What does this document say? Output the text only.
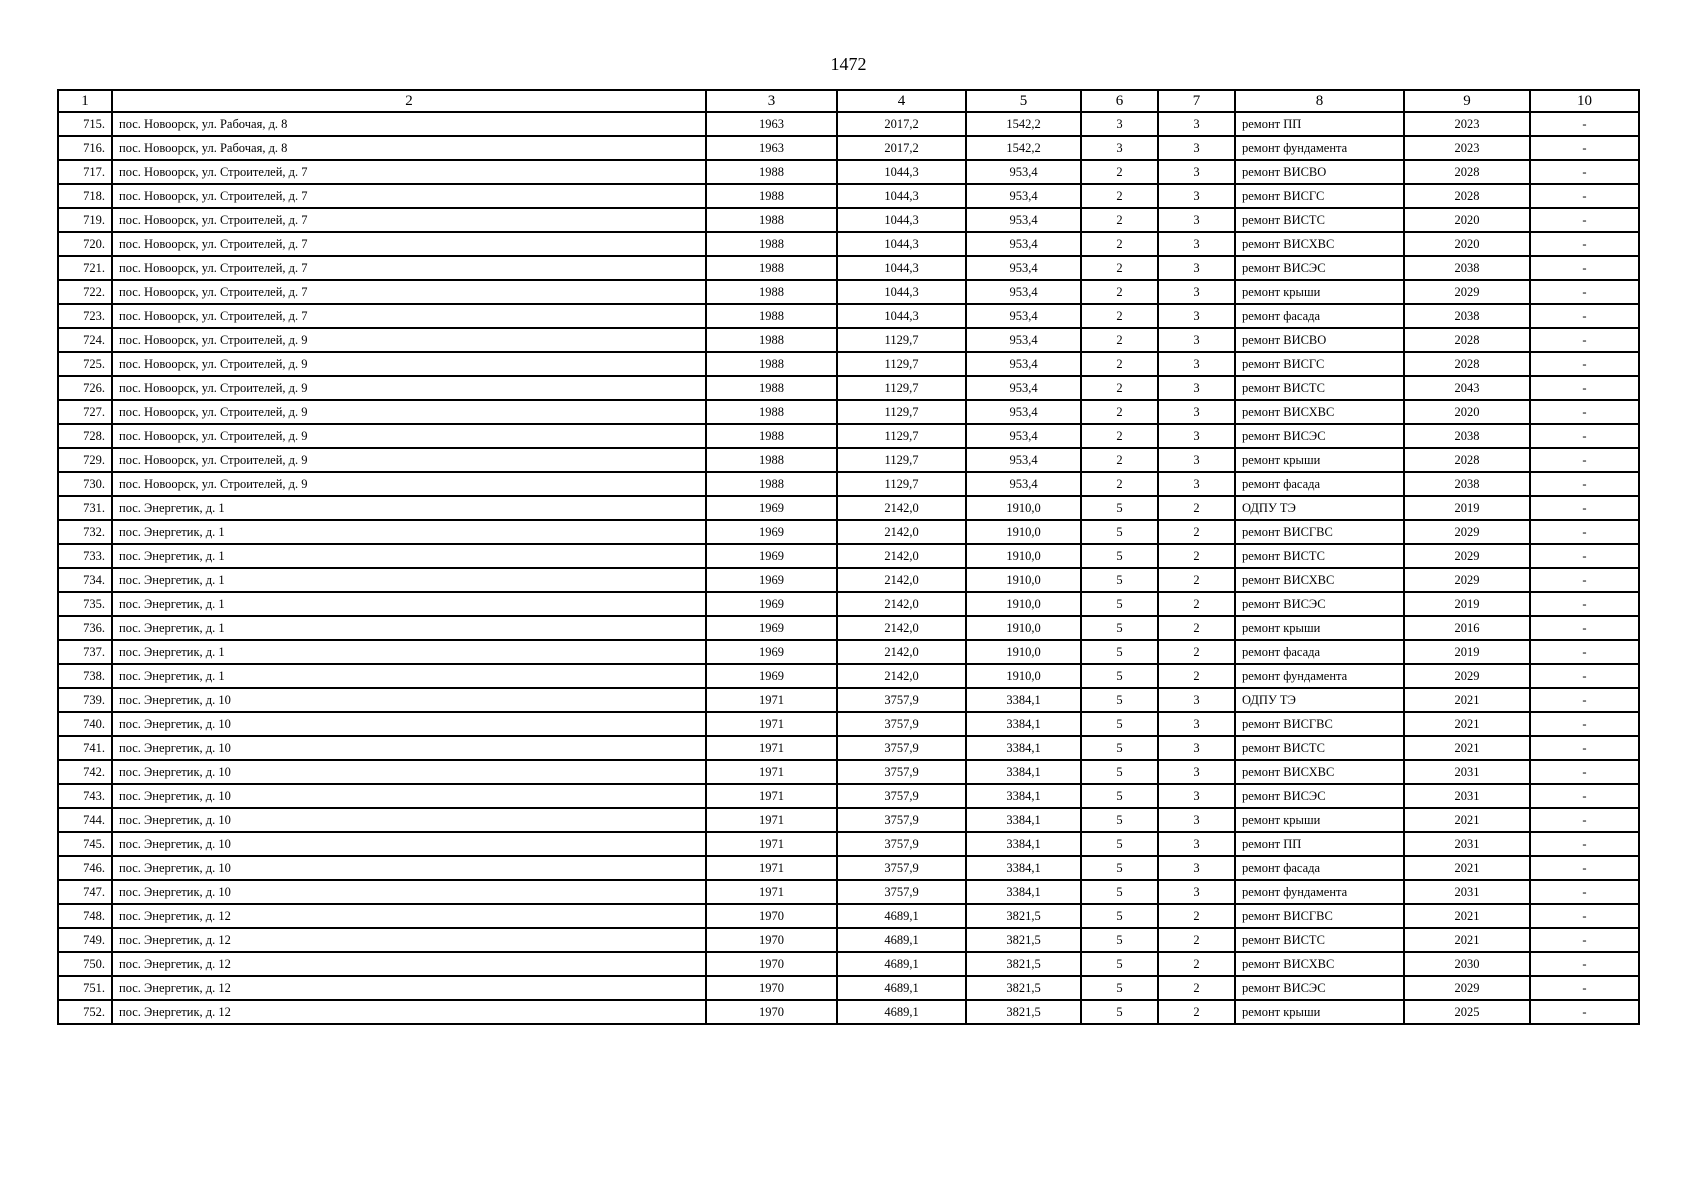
1472
1	2	3	4	5	6	7	8	9	10
715.	пос. Новоорск, ул. Рабочая, д. 8	1963	2017,2	1542,2	3	3	ремонт ПП	2023	-
716.	пос. Новоорск, ул. Рабочая, д. 8	1963	2017,2	1542,2	3	3	ремонт фундамента	2023	-
717.	пос. Новоорск, ул. Строителей, д. 7	1988	1044,3	953,4	2	3	ремонт ВИСВО	2028	-
718.	пос. Новоорск, ул. Строителей, д. 7	1988	1044,3	953,4	2	3	ремонт ВИСГС	2028	-
719.	пос. Новоорск, ул. Строителей, д. 7	1988	1044,3	953,4	2	3	ремонт ВИСТС	2020	-
720.	пос. Новоорск, ул. Строителей, д. 7	1988	1044,3	953,4	2	3	ремонт ВИСХВС	2020	-
721.	пос. Новоорск, ул. Строителей, д. 7	1988	1044,3	953,4	2	3	ремонт ВИСЭС	2038	-
722.	пос. Новоорск, ул. Строителей, д. 7	1988	1044,3	953,4	2	3	ремонт крыши	2029	-
723.	пос. Новоорск, ул. Строителей, д. 7	1988	1044,3	953,4	2	3	ремонт фасада	2038	-
724.	пос. Новоорск, ул. Строителей, д. 9	1988	1129,7	953,4	2	3	ремонт ВИСВО	2028	-
725.	пос. Новоорск, ул. Строителей, д. 9	1988	1129,7	953,4	2	3	ремонт ВИСГС	2028	-
726.	пос. Новоорск, ул. Строителей, д. 9	1988	1129,7	953,4	2	3	ремонт ВИСТС	2043	-
727.	пос. Новоорск, ул. Строителей, д. 9	1988	1129,7	953,4	2	3	ремонт ВИСХВС	2020	-
728.	пос. Новоорск, ул. Строителей, д. 9	1988	1129,7	953,4	2	3	ремонт ВИСЭС	2038	-
729.	пос. Новоорск, ул. Строителей, д. 9	1988	1129,7	953,4	2	3	ремонт крыши	2028	-
730.	пос. Новоорск, ул. Строителей, д. 9	1988	1129,7	953,4	2	3	ремонт фасада	2038	-
731.	пос. Энергетик, д. 1	1969	2142,0	1910,0	5	2	ОДПУ ТЭ	2019	-
732.	пос. Энергетик, д. 1	1969	2142,0	1910,0	5	2	ремонт ВИСГВС	2029	-
733.	пос. Энергетик, д. 1	1969	2142,0	1910,0	5	2	ремонт ВИСТС	2029	-
734.	пос. Энергетик, д. 1	1969	2142,0	1910,0	5	2	ремонт ВИСХВС	2029	-
735.	пос. Энергетик, д. 1	1969	2142,0	1910,0	5	2	ремонт ВИСЭС	2019	-
736.	пос. Энергетик, д. 1	1969	2142,0	1910,0	5	2	ремонт крыши	2016	-
737.	пос. Энергетик, д. 1	1969	2142,0	1910,0	5	2	ремонт фасада	2019	-
738.	пос. Энергетик, д. 1	1969	2142,0	1910,0	5	2	ремонт фундамента	2029	-
739.	пос. Энергетик, д. 10	1971	3757,9	3384,1	5	3	ОДПУ ТЭ	2021	-
740.	пос. Энергетик, д. 10	1971	3757,9	3384,1	5	3	ремонт ВИСГВС	2021	-
741.	пос. Энергетик, д. 10	1971	3757,9	3384,1	5	3	ремонт ВИСТС	2021	-
742.	пос. Энергетик, д. 10	1971	3757,9	3384,1	5	3	ремонт ВИСХВС	2031	-
743.	пос. Энергетик, д. 10	1971	3757,9	3384,1	5	3	ремонт ВИСЭС	2031	-
744.	пос. Энергетик, д. 10	1971	3757,9	3384,1	5	3	ремонт крыши	2021	-
745.	пос. Энергетик, д. 10	1971	3757,9	3384,1	5	3	ремонт ПП	2031	-
746.	пос. Энергетик, д. 10	1971	3757,9	3384,1	5	3	ремонт фасада	2021	-
747.	пос. Энергетик, д. 10	1971	3757,9	3384,1	5	3	ремонт фундамента	2031	-
748.	пос. Энергетик, д. 12	1970	4689,1	3821,5	5	2	ремонт ВИСГВС	2021	-
749.	пос. Энергетик, д. 12	1970	4689,1	3821,5	5	2	ремонт ВИСТС	2021	-
750.	пос. Энергетик, д. 12	1970	4689,1	3821,5	5	2	ремонт ВИСХВС	2030	-
751.	пос. Энергетик, д. 12	1970	4689,1	3821,5	5	2	ремонт ВИСЭС	2029	-
752.	пос. Энергетик, д. 12	1970	4689,1	3821,5	5	2	ремонт крыши	2025	-
